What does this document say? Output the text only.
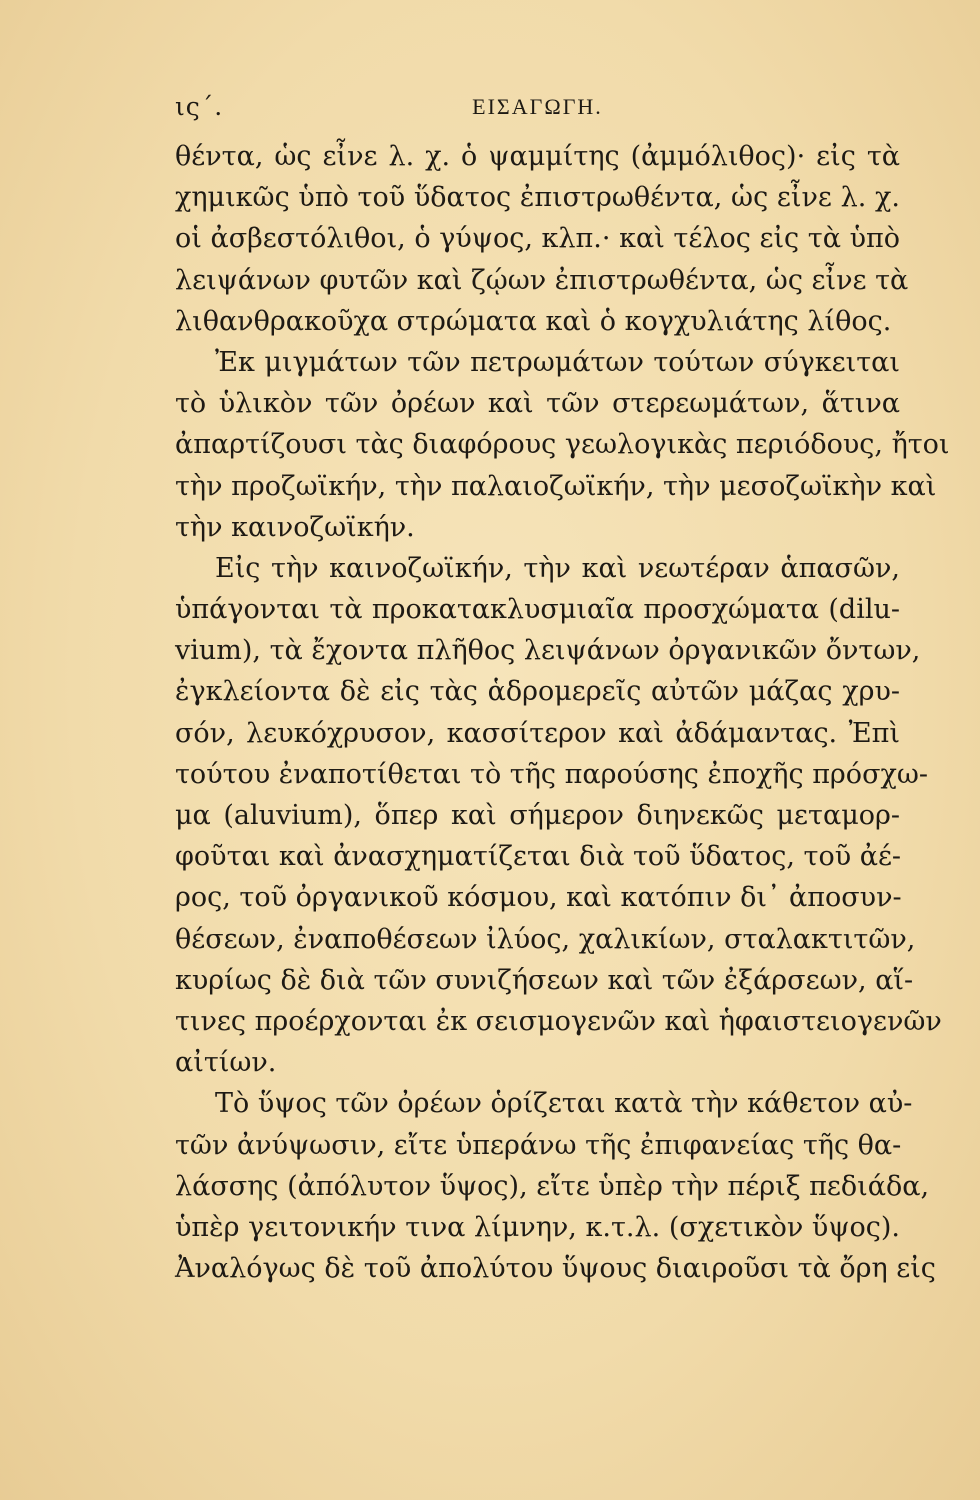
ις΄.	ΕΙΣΑΓΩΓΗ.
θέντα, ὡς εἶνε λ. χ. ὁ ψαμμίτης (ἀμμόλιθος)· εἰς τὰ
χημικῶς ὑπὸ τοῦ ὕδατος ἐπιστρωθέντα, ὡς εἶνε λ. χ.
οἱ ἀσβεστόλιθοι, ὁ γύψος, κλπ.· καὶ τέλος εἰς τὰ ὑπὸ
λειψάνων φυτῶν καὶ ζῴων ἐπιστρωθέντα, ὡς εἶνε τὰ
λιθανθρακοῦχα στρώματα καὶ ὁ κογχυλιάτης λίθος.
Ἐκ μιγμάτων τῶν πετρωμάτων τούτων σύγκειται
τὸ ὑλικὸν τῶν ὀρέων καὶ τῶν στερεωμάτων, ἅτινα
ἀπαρτίζουσι τὰς διαφόρους γεωλογικὰς περιόδους, ἤτοι
τὴν προζωϊκήν, τὴν παλαιοζωϊκήν, τὴν μεσοζωϊκὴν καὶ
τὴν καινοζωϊκήν.
Εἰς τὴν καινοζωϊκήν, τὴν καὶ νεωτέραν ἁπασῶν,
ὑπάγονται τὰ προκατακλυσμιαῖα προσχώματα (dilu-
vium), τὰ ἔχοντα πλῆθος λειψάνων ὀργανικῶν ὄντων,
ἐγκλείοντα δὲ εἰς τὰς ἁδρομερεῖς αὐτῶν μάζας χρυ-
σόν, λευκόχρυσον, κασσίτερον καὶ ἀδάμαντας. Ἐπὶ
τούτου ἐναποτίθεται τὸ τῆς παρούσης ἐποχῆς πρόσχω-
μα (aluvium), ὅπερ καὶ σήμερον διηνεκῶς μεταμορ-
φοῦται καὶ ἀνασχηματίζεται διὰ τοῦ ὕδατος, τοῦ ἀέ-
ρος, τοῦ ὀργανικοῦ κόσμου, καὶ κατόπιν δι᾽ ἀποσυν-
θέσεων, ἐναποθέσεων ἰλύος, χαλικίων, σταλακτιτῶν,
κυρίως δὲ διὰ τῶν συνιζήσεων καὶ τῶν ἐξάρσεων, αἵ-
τινες προέρχονται ἐκ σεισμογενῶν καὶ ἡφαιστειογενῶν
αἰτίων.
Τὸ ὕψος τῶν ὀρέων ὁρίζεται κατὰ τὴν κάθετον αὐ-
τῶν ἀνύψωσιν, εἴτε ὑπεράνω τῆς ἐπιφανείας τῆς θα-
λάσσης (ἀπόλυτον ὕψος), εἴτε ὑπὲρ τὴν πέριξ πεδιάδα,
ὑπὲρ γειτονικήν τινα λίμνην, κ.τ.λ. (σχετικὸν ὕψος).
Ἀναλόγως δὲ τοῦ ἀπολύτου ὕψους διαιροῦσι τὰ ὄρη εἰς
